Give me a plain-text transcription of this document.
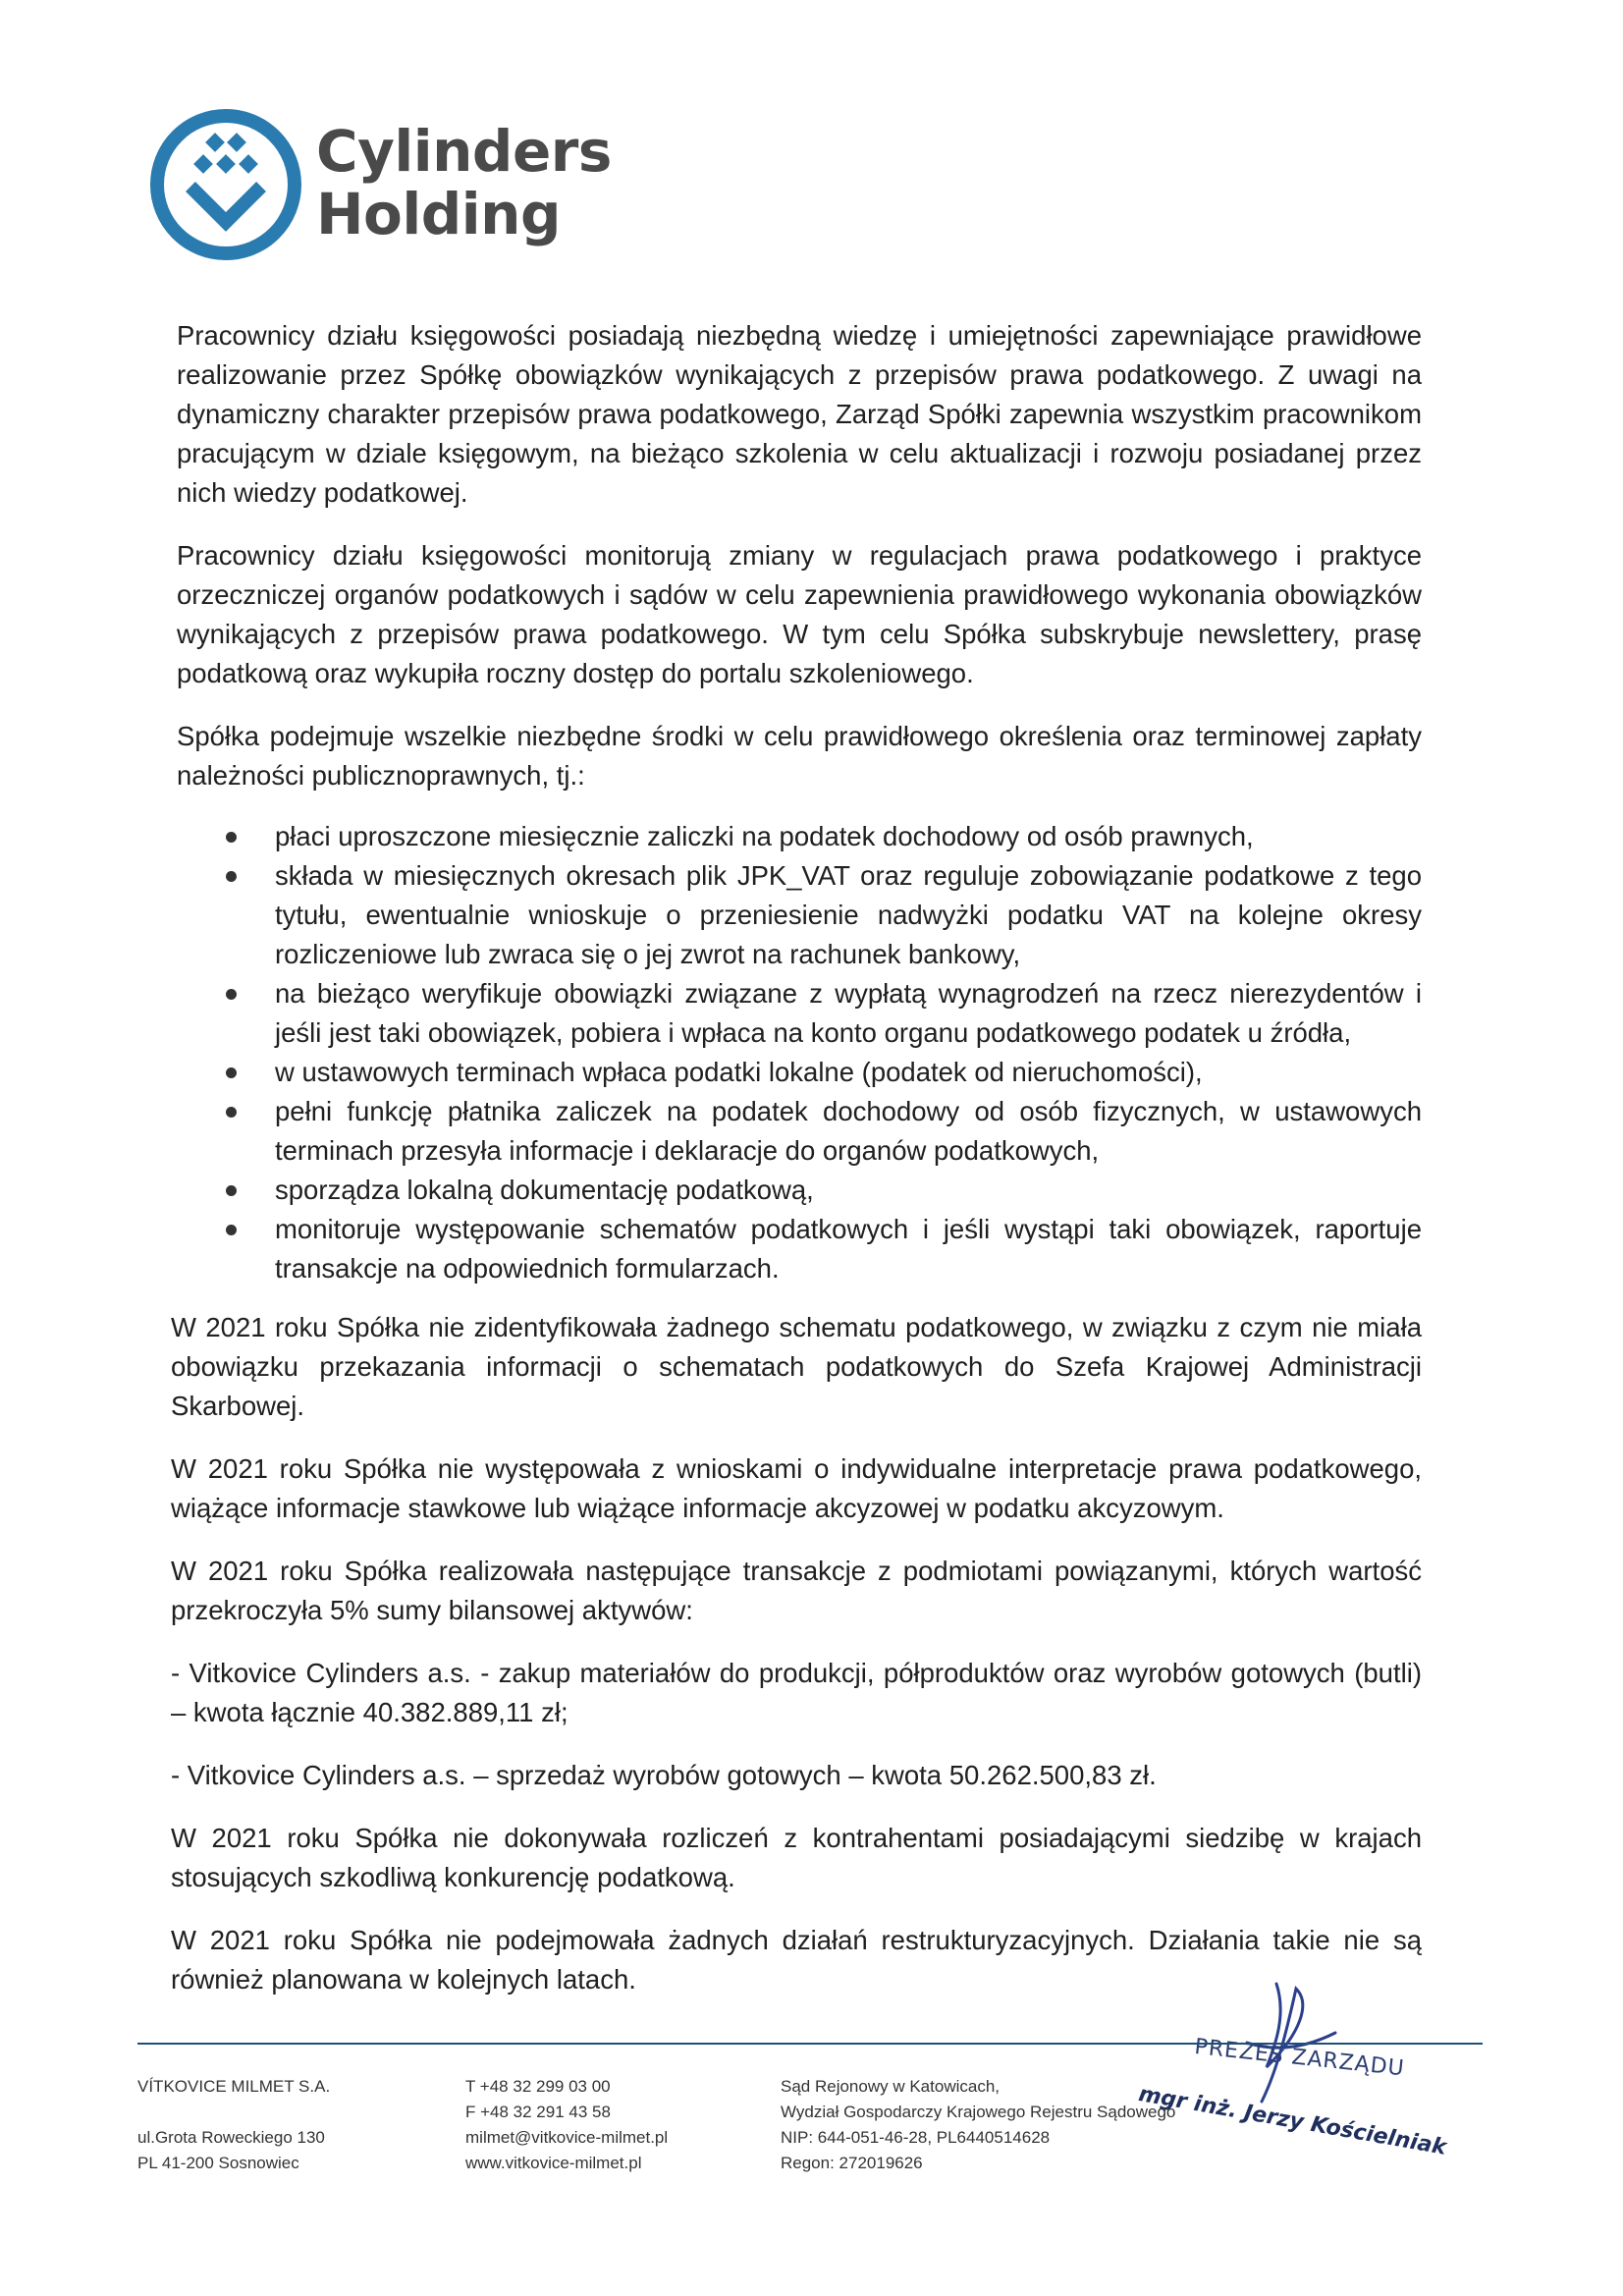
Cylinders
Holding

Pracownicy działu księgowości posiadają niezbędną wiedzę i umiejętności zapewniające prawidłowe realizowanie przez Spółkę obowiązków wynikających z przepisów prawa podatkowego. Z uwagi na dynamiczny charakter przepisów prawa podatkowego, Zarząd Spółki zapewnia wszystkim pracownikom pracującym w dziale księgowym, na bieżąco szkolenia w celu aktualizacji i rozwoju posiadanej przez nich wiedzy podatkowej.

Pracownicy działu księgowości monitorują zmiany w regulacjach prawa podatkowego i praktyce orzeczniczej organów podatkowych i sądów w celu zapewnienia prawidłowego wykonania obowiązków wynikających z przepisów prawa podatkowego. W tym celu Spółka subskrybuje newslettery, prasę podatkową oraz wykupiła roczny dostęp do portalu szkoleniowego.

Spółka podejmuje wszelkie niezbędne środki w celu prawidłowego określenia oraz terminowej zapłaty należności publicznoprawnych, tj.:

płaci uproszczone miesięcznie zaliczki na podatek dochodowy od osób prawnych,
składa w miesięcznych okresach plik JPK_VAT oraz reguluje zobowiązanie podatkowe z tego tytułu, ewentualnie wnioskuje o przeniesienie nadwyżki podatku VAT na kolejne okresy rozliczeniowe lub zwraca się o jej zwrot na rachunek bankowy,
na bieżąco weryfikuje obowiązki związane z wypłatą wynagrodzeń na rzecz nierezydentów i jeśli jest taki obowiązek, pobiera i wpłaca na konto organu podatkowego podatek u źródła,
w ustawowych terminach wpłaca podatki lokalne (podatek od nieruchomości),
pełni funkcję płatnika zaliczek na podatek dochodowy od osób fizycznych, w ustawowych terminach przesyła informacje i deklaracje do organów podatkowych,
sporządza lokalną dokumentację podatkową,
monitoruje występowanie schematów podatkowych i jeśli wystąpi taki obowiązek, raportuje transakcje na odpowiednich formularzach.

W 2021 roku Spółka nie zidentyfikowała żadnego schematu podatkowego, w związku z czym nie miała obowiązku przekazania informacji o schematach podatkowych do Szefa Krajowej Administracji Skarbowej.

W 2021 roku Spółka nie występowała z wnioskami o indywidualne interpretacje prawa podatkowego, wiążące informacje stawkowe lub wiążące informacje akcyzowej w podatku akcyzowym.

W 2021 roku Spółka realizowała następujące transakcje z podmiotami powiązanymi, których wartość przekroczyła 5% sumy bilansowej aktywów:

- Vitkovice Cylinders a.s. - zakup materiałów do produkcji, półproduktów oraz wyrobów gotowych (butli) – kwota łącznie 40.382.889,11 zł;

- Vitkovice Cylinders a.s. – sprzedaż wyrobów gotowych – kwota 50.262.500,83 zł.

W 2021 roku Spółka nie dokonywała rozliczeń z kontrahentami posiadającymi siedzibę w krajach stosujących szkodliwą konkurencję podatkową.

W 2021 roku Spółka nie podejmowała żadnych działań restrukturyzacyjnych. Działania takie nie są również planowana w kolejnych latach.

PREZES ZARZĄDU
mgr inż. Jerzy Kościelniak
VÍTKOVICE MILMET S.A.
ul.Grota Roweckiego 130
PL 41-200 Sosnowiec
T +48 32 299 03 00
F +48 32 291 43 58
milmet@vitkovice-milmet.pl
www.vitkovice-milmet.pl
Sąd Rejonowy w Katowicach,
Wydział Gospodarczy Krajowego Rejestru Sądowego
NIP: 644-051-46-28, PL6440514628
Regon: 272019626
